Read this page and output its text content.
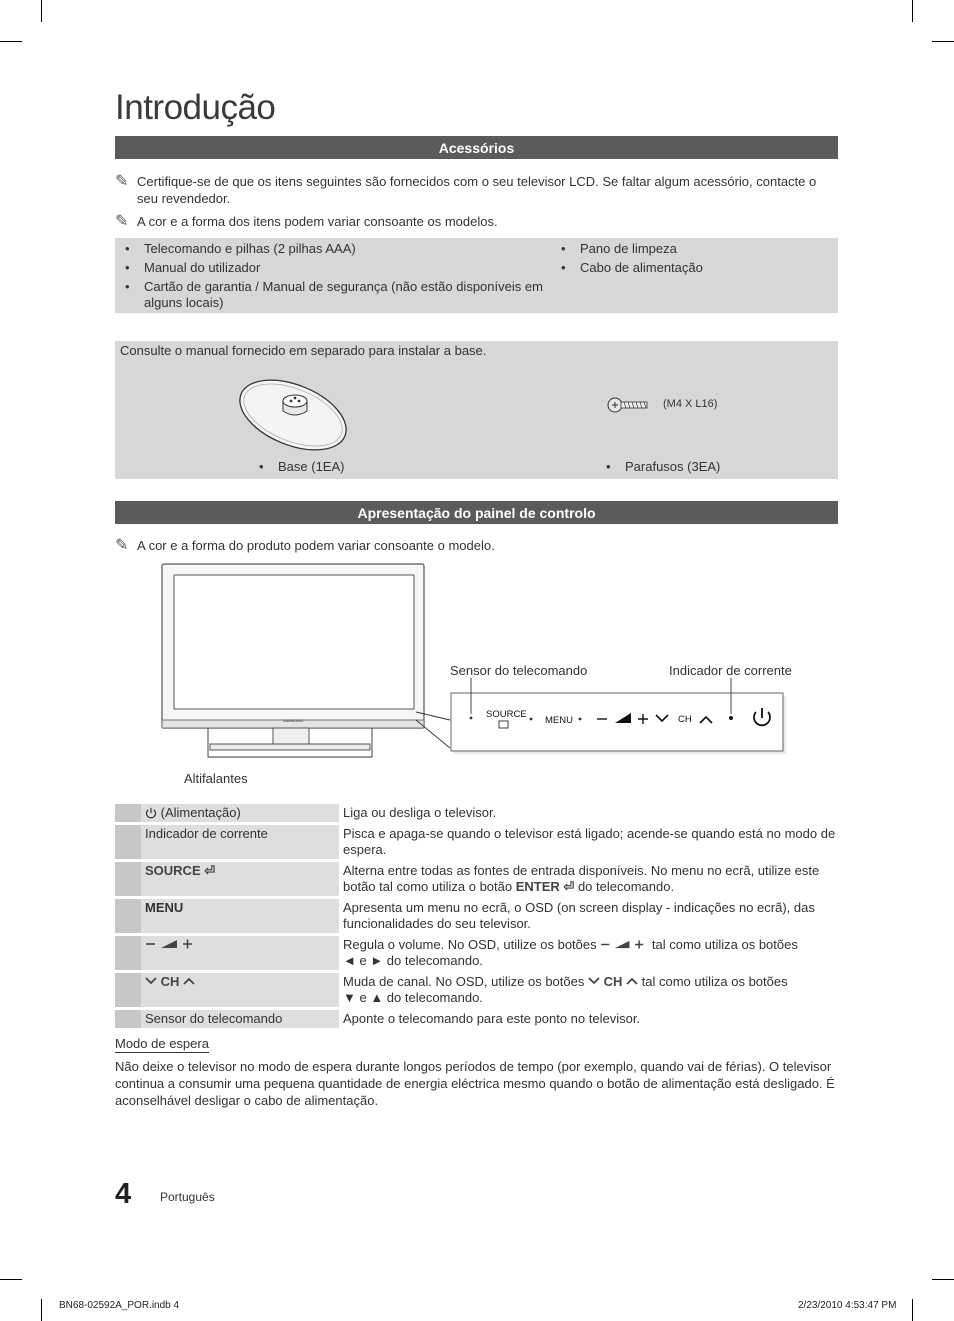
Introdução
Acessórios
✎ Certifique-se de que os itens seguintes são fornecidos com o seu televisor LCD. Se faltar algum acessório, contacte o seu revendedor.
✎ A cor e a forma dos itens podem variar consoante os modelos.
• Telecomando e pilhas (2 pilhas AAA)
• Manual do utilizador
• Cartão de garantia / Manual de segurança (não estão disponíveis em alguns locais)
• Pano de limpeza
• Cabo de alimentação
Consulte o manual fornecido em separado para instalar a base.
(M4 X L16)
• Base (1EA)	• Parafusos (3EA)
Apresentação do painel de controlo
✎ A cor e a forma do produto podem variar consoante o modelo.
SAMSUNG
SOURCE
MENU	CH
Sensor do telecomando	Indicador de corrente
Altifalantes
	(Alimentação)		Liga ou desliga o televisor.
	Indicador de corrente		Pisca e apaga-se quando o televisor está ligado; acende-se quando está no modo de espera.
	SOURCE ⏎		Alterna entre todas as fontes de entrada disponíveis. No menu no ecrã, utilize este botão tal como utiliza o botão ENTER ⏎ do telecomando.
	MENU		Apresenta um menu no ecrã, o OSD (on screen display - indicações no ecrã), das funcionalidades do seu televisor.
			Regula o volume. No OSD, utilize os botões tal como utiliza os botões
◄ e ► do telecomando.
	CH		Muda de canal. No OSD, utilize os botões CH tal como utiliza os botões
▼ e ▲ do telecomando.
	Sensor do telecomando		Aponte o telecomando para este ponto no televisor.
Modo de espera
Não deixe o televisor no modo de espera durante longos períodos de tempo (por exemplo, quando vai de férias). O televisor continua a consumir uma pequena quantidade de energia eléctrica mesmo quando o botão de alimentação está desligado. É aconselhável desligar o cabo de alimentação.
4 Português
BN68-02592A_POR.indb 4	2/23/2010 4:53:47 PM
